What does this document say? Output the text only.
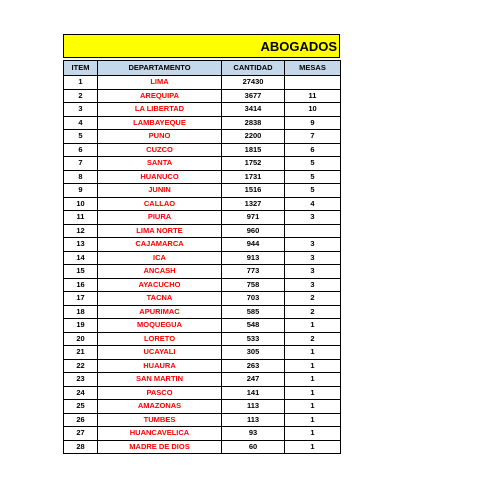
ABOGADOS
ITEM	DEPARTAMENTO	CANTIDAD	MESAS
1	LIMA	27430	
2	AREQUIPA	3677	11
3	LA LIBERTAD	3414	10
4	LAMBAYEQUE	2838	9
5	PUNO	2200	7
6	CUZCO	1815	6
7	SANTA	1752	5
8	HUANUCO	1731	5
9	JUNIN	1516	5
10	CALLAO	1327	4
11	PIURA	971	3
12	LIMA NORTE	960	
13	CAJAMARCA	944	3
14	ICA	913	3
15	ANCASH	773	3
16	AYACUCHO	758	3
17	TACNA	703	2
18	APURIMAC	585	2
19	MOQUEGUA	548	1
20	LORETO	533	2
21	UCAYALI	305	1
22	HUAURA	263	1
23	SAN MARTIN	247	1
24	PASCO	141	1
25	AMAZONAS	113	1
26	TUMBES	113	1
27	HUANCAVELICA	93	1
28	MADRE DE DIOS	60	1
